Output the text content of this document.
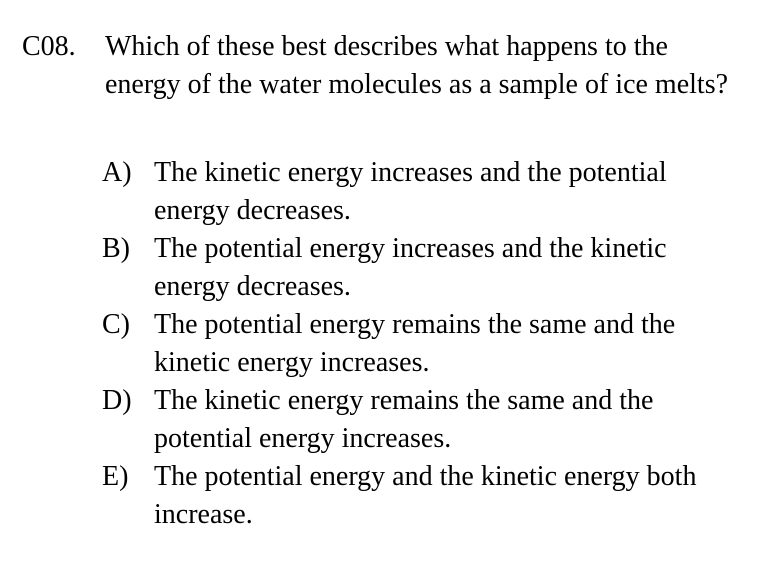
C08. Which of these best describes what happens to the energy of the water molecules as a sample of ice melts?
A) The kinetic energy increases and the potential energy decreases.
B) The potential energy increases and the kinetic energy decreases.
C) The potential energy remains the same and the kinetic energy increases.
D) The kinetic energy remains the same and the potential energy increases.
E) The potential energy and the kinetic energy both increase.
